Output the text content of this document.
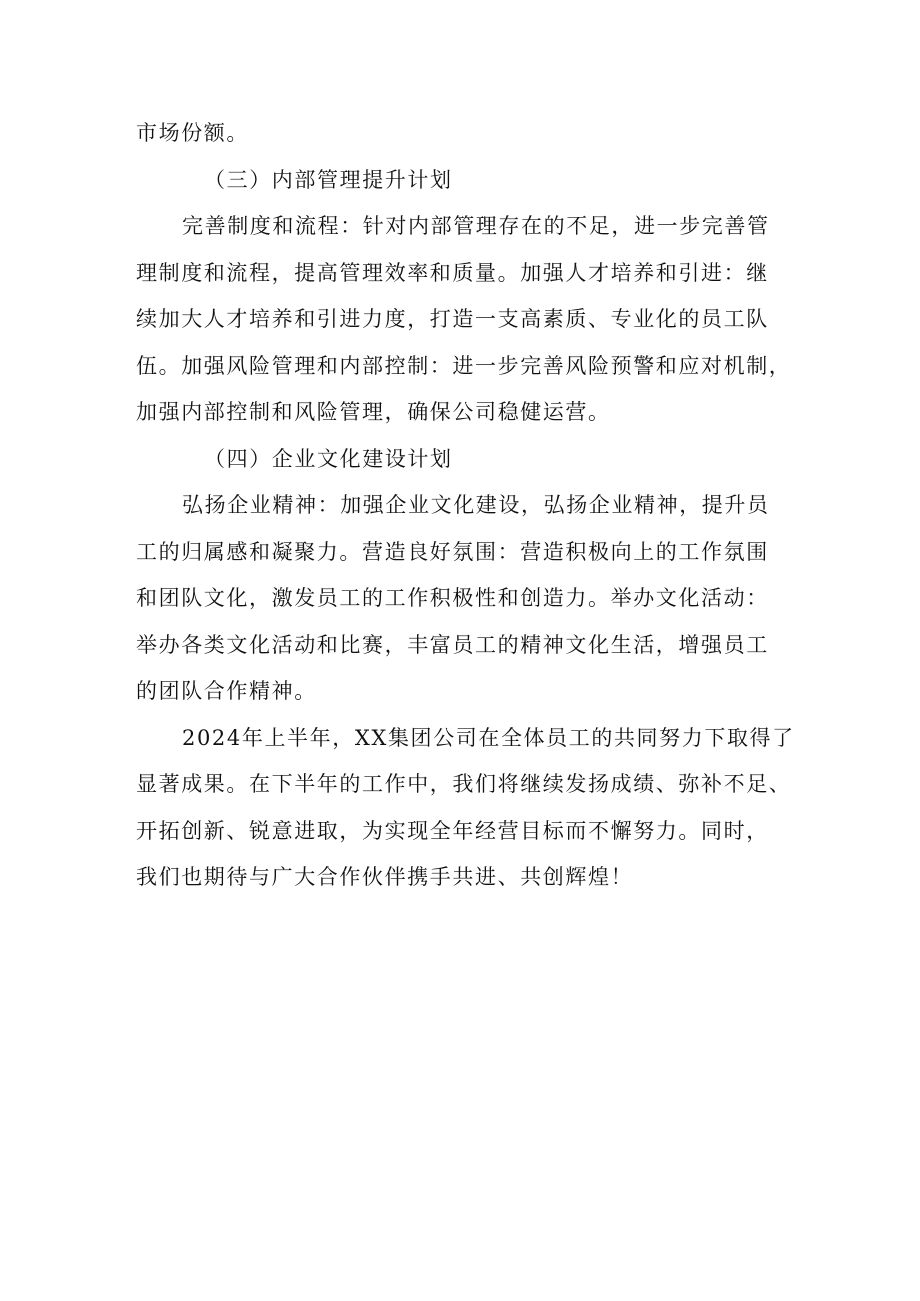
市场份额。
（三）内部管理提升计划
完善制度和流程：针对内部管理存在的不足，进一步完善管
理制度和流程，提高管理效率和质量。加强人才培养和引进：继
续加大人才培养和引进力度，打造一支高素质、专业化的员工队
伍。加强风险管理和内部控制：进一步完善风险预警和应对机制，
加强内部控制和风险管理，确保公司稳健运营。
（四）企业文化建设计划
弘扬企业精神：加强企业文化建设，弘扬企业精神，提升员
工的归属感和凝聚力。营造良好氛围：营造积极向上的工作氛围
和团队文化，激发员工的工作积极性和创造力。举办文化活动：
举办各类文化活动和比赛，丰富员工的精神文化生活，增强员工
的团队合作精神。
2024年上半年，XX集团公司在全体员工的共同努力下取得了
显著成果。在下半年的工作中，我们将继续发扬成绩、弥补不足、
开拓创新、锐意进取，为实现全年经营目标而不懈努力。同时，
我们也期待与广大合作伙伴携手共进、共创辉煌！
